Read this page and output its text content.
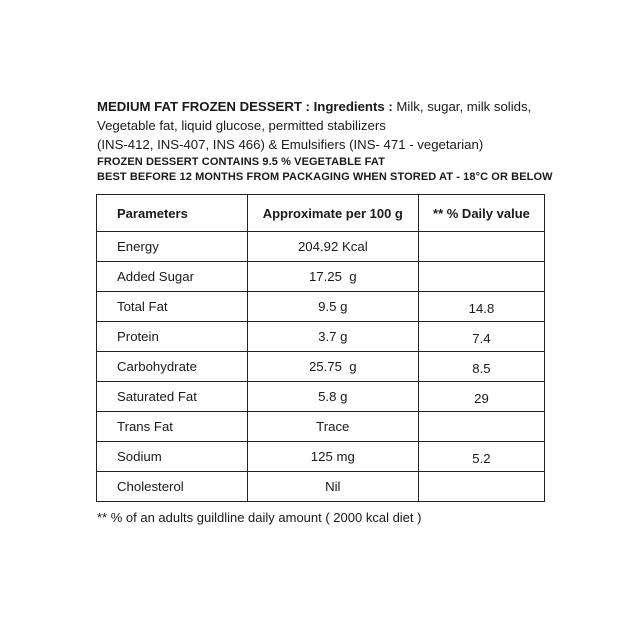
MEDIUM FAT FROZEN DESSERT : Ingredients : Milk, sugar, milk solids,
Vegetable fat, liquid glucose, permitted stabilizers
(INS-412, INS-407, INS 466) & Emulsifiers (INS- 471 - vegetarian)
FROZEN DESSERT CONTAINS 9.5 % VEGETABLE FAT
BEST BEFORE 12 MONTHS FROM PACKAGING WHEN STORED AT - 18°C OR BELOW
Parameters	Approximate per 100 g	** % Daily value
Energy	204.92 Kcal	
Added Sugar	17.25  g	
Total Fat	9.5 g	14.8
Protein	3.7 g	7.4
Carbohydrate	25.75  g	8.5
Saturated Fat	5.8 g	29
Trans Fat	Trace	
Sodium	125 mg	5.2
Cholesterol	Nil	
** % of an adults guildline daily amount ( 2000 kcal diet )
